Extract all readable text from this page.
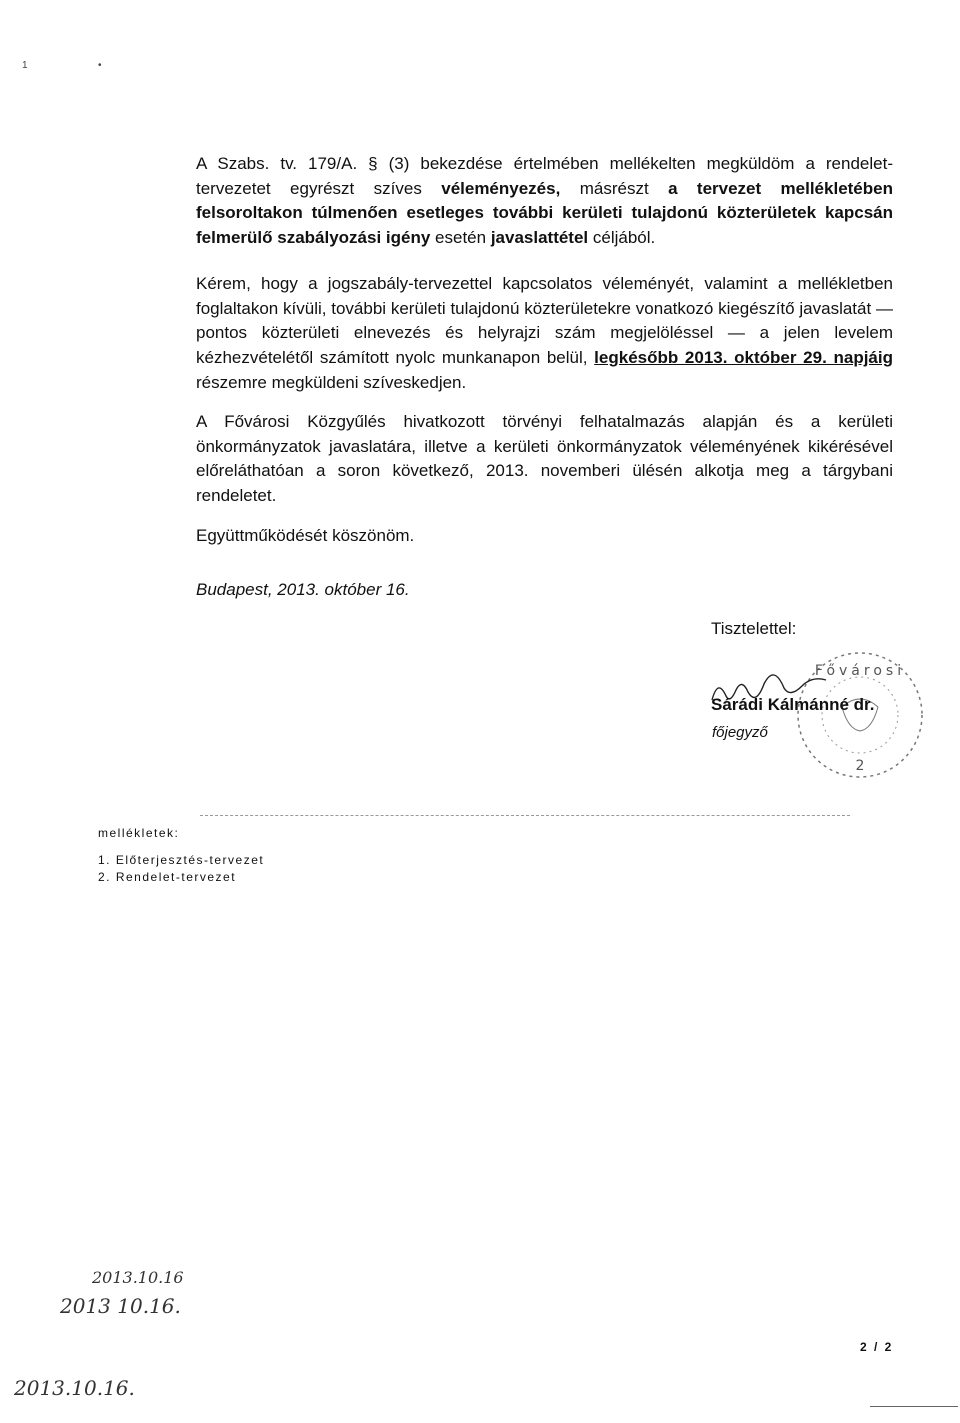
1	•
A Szabs. tv. 179/A. § (3) bekezdése értelmében mellékelten megküldöm a rendelet-tervezetet egyrészt szíves véleményezés, másrészt a tervezet mellékletében felsoroltakon túlmenően esetleges további kerületi tulajdonú közterületek kapcsán felmerülő szabályozási igény esetén javaslattétel céljából.
Kérem, hogy a jogszabály-tervezettel kapcsolatos véleményét, valamint a mellékletben foglaltakon kívüli, további kerületi tulajdonú közterületekre vonatkozó kiegészítő javaslatát — pontos közterületi elnevezés és helyrajzi szám megjelöléssel — a jelen levelem kézhezvételétől számított nyolc munkanapon belül, legkésőbb 2013. október 29. napjáig részemre megküldeni szíveskedjen.
A Fővárosi Közgyűlés hivatkozott törvényi felhatalmazás alapján és a kerületi önkormányzatok javaslatára, illetve a kerületi önkormányzatok véleményének kikérésével előreláthatóan a soron következő, 2013. novemberi ülésén alkotja meg a tárgybani rendeletet.
Együttműködését köszönöm.
Budapest, 2013. október 16.
Tisztelettel:
Fővárosi
2
Sárádi Kálmánné dr.
főjegyző
mellékletek:
1. Előterjesztés-tervezet
2. Rendelet-tervezet
2013.10.16
2013 10.16.
2013.10.16.
2 / 2
